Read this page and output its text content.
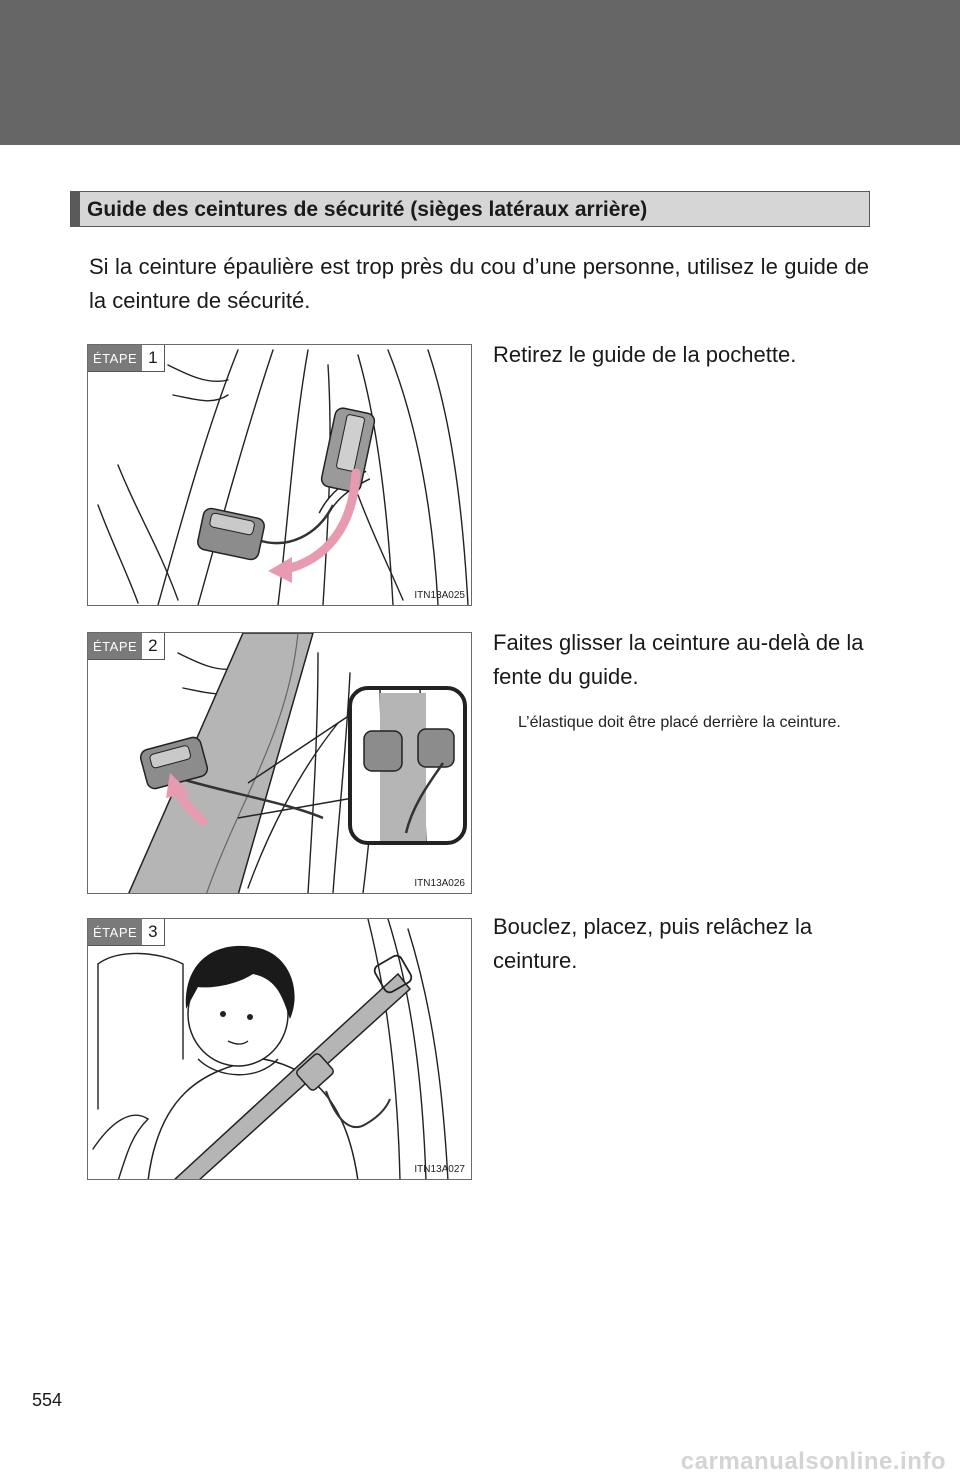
Guide des ceintures de sécurité (sièges latéraux arrière)
Si la ceinture épaulière est trop près du cou d’une personne, utilisez le guide de la ceinture de sécurité.
ÉTAPE 1
ITN13A025
Retirez le guide de la pochette.
ÉTAPE 2
ITN13A026
Faites glisser la ceinture au-delà de la fente du guide.
L’élastique doit être placé derrière la ceinture.
ÉTAPE 3
ITN13A027
Bouclez, placez, puis relâchez la ceinture.
554
carmanualsonline.info
